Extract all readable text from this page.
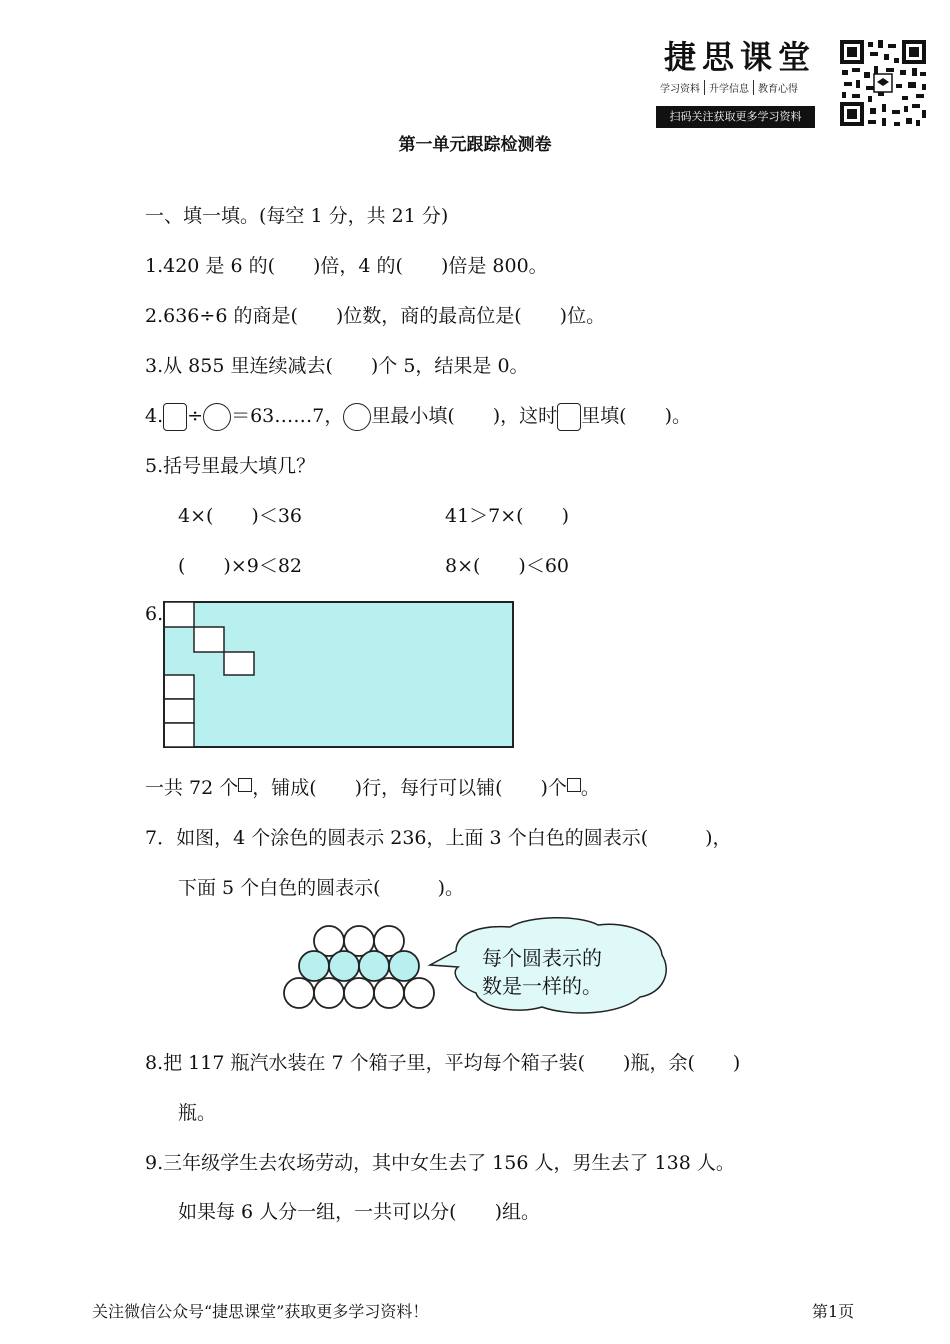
捷思课堂
学习资料 升学信息 教育心得
扫码关注获取更多学习资料
第一单元跟踪检测卷
一、填一填。(每空 1 分，共 21 分)
1.420 是 6 的(　　)倍，4 的(　　)倍是 800。
2.636÷6 的商是(　　)位数，商的最高位是(　　)位。
3.从 855 里连续减去(　　)个 5，结果是 0。
4. ÷ ＝63……7， 里最小填(　　)，这时 里填(　　)。
5.括号里最大填几？
4×(　　)＜36	41＞7×(　　)
(　　)×9＜82	8×(　　)＜60
6.
一共 72 个 ，铺成(　　)行，每行可以铺(　　)个 。
7．如图，4 个涂色的圆表示 236，上面 3 个白色的圆表示(　　　)，
下面 5 个白色的圆表示(　　　)。
每个圆表示的
数是一样的。
8.把 117 瓶汽水装在 7 个箱子里，平均每个箱子装(　　)瓶，余(　　)
瓶。
9.三年级学生去农场劳动，其中女生去了 156 人，男生去了 138 人。
如果每 6 人分一组，一共可以分(　　)组。
关注微信公众号“捷思课堂”获取更多学习资料！	第1页
